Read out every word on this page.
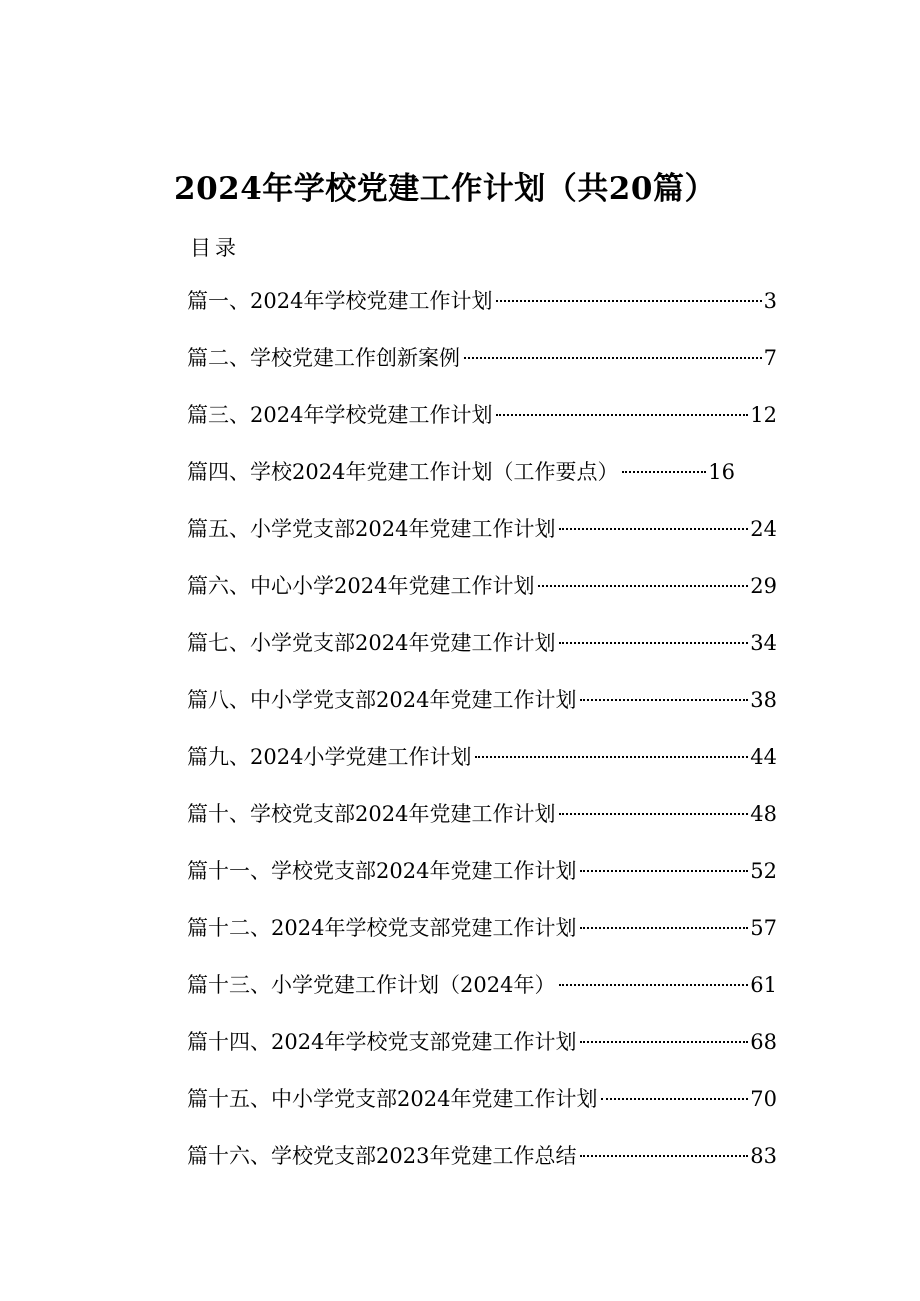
2024年学校党建工作计划（共20篇）
目录
篇一、2024年学校党建工作计划	3
篇二、学校党建工作创新案例	7
篇三、2024年学校党建工作计划	12
篇四、学校2024年党建工作计划（工作要点）	16
篇五、小学党支部2024年党建工作计划	24
篇六、中心小学2024年党建工作计划	29
篇七、小学党支部2024年党建工作计划	34
篇八、中小学党支部2024年党建工作计划	38
篇九、2024小学党建工作计划	44
篇十、学校党支部2024年党建工作计划	48
篇十一、学校党支部2024年党建工作计划	52
篇十二、2024年学校党支部党建工作计划	57
篇十三、小学党建工作计划（2024年）	61
篇十四、2024年学校党支部党建工作计划	68
篇十五、中小学党支部2024年党建工作计划	70
篇十六、学校党支部2023年党建工作总结	83
